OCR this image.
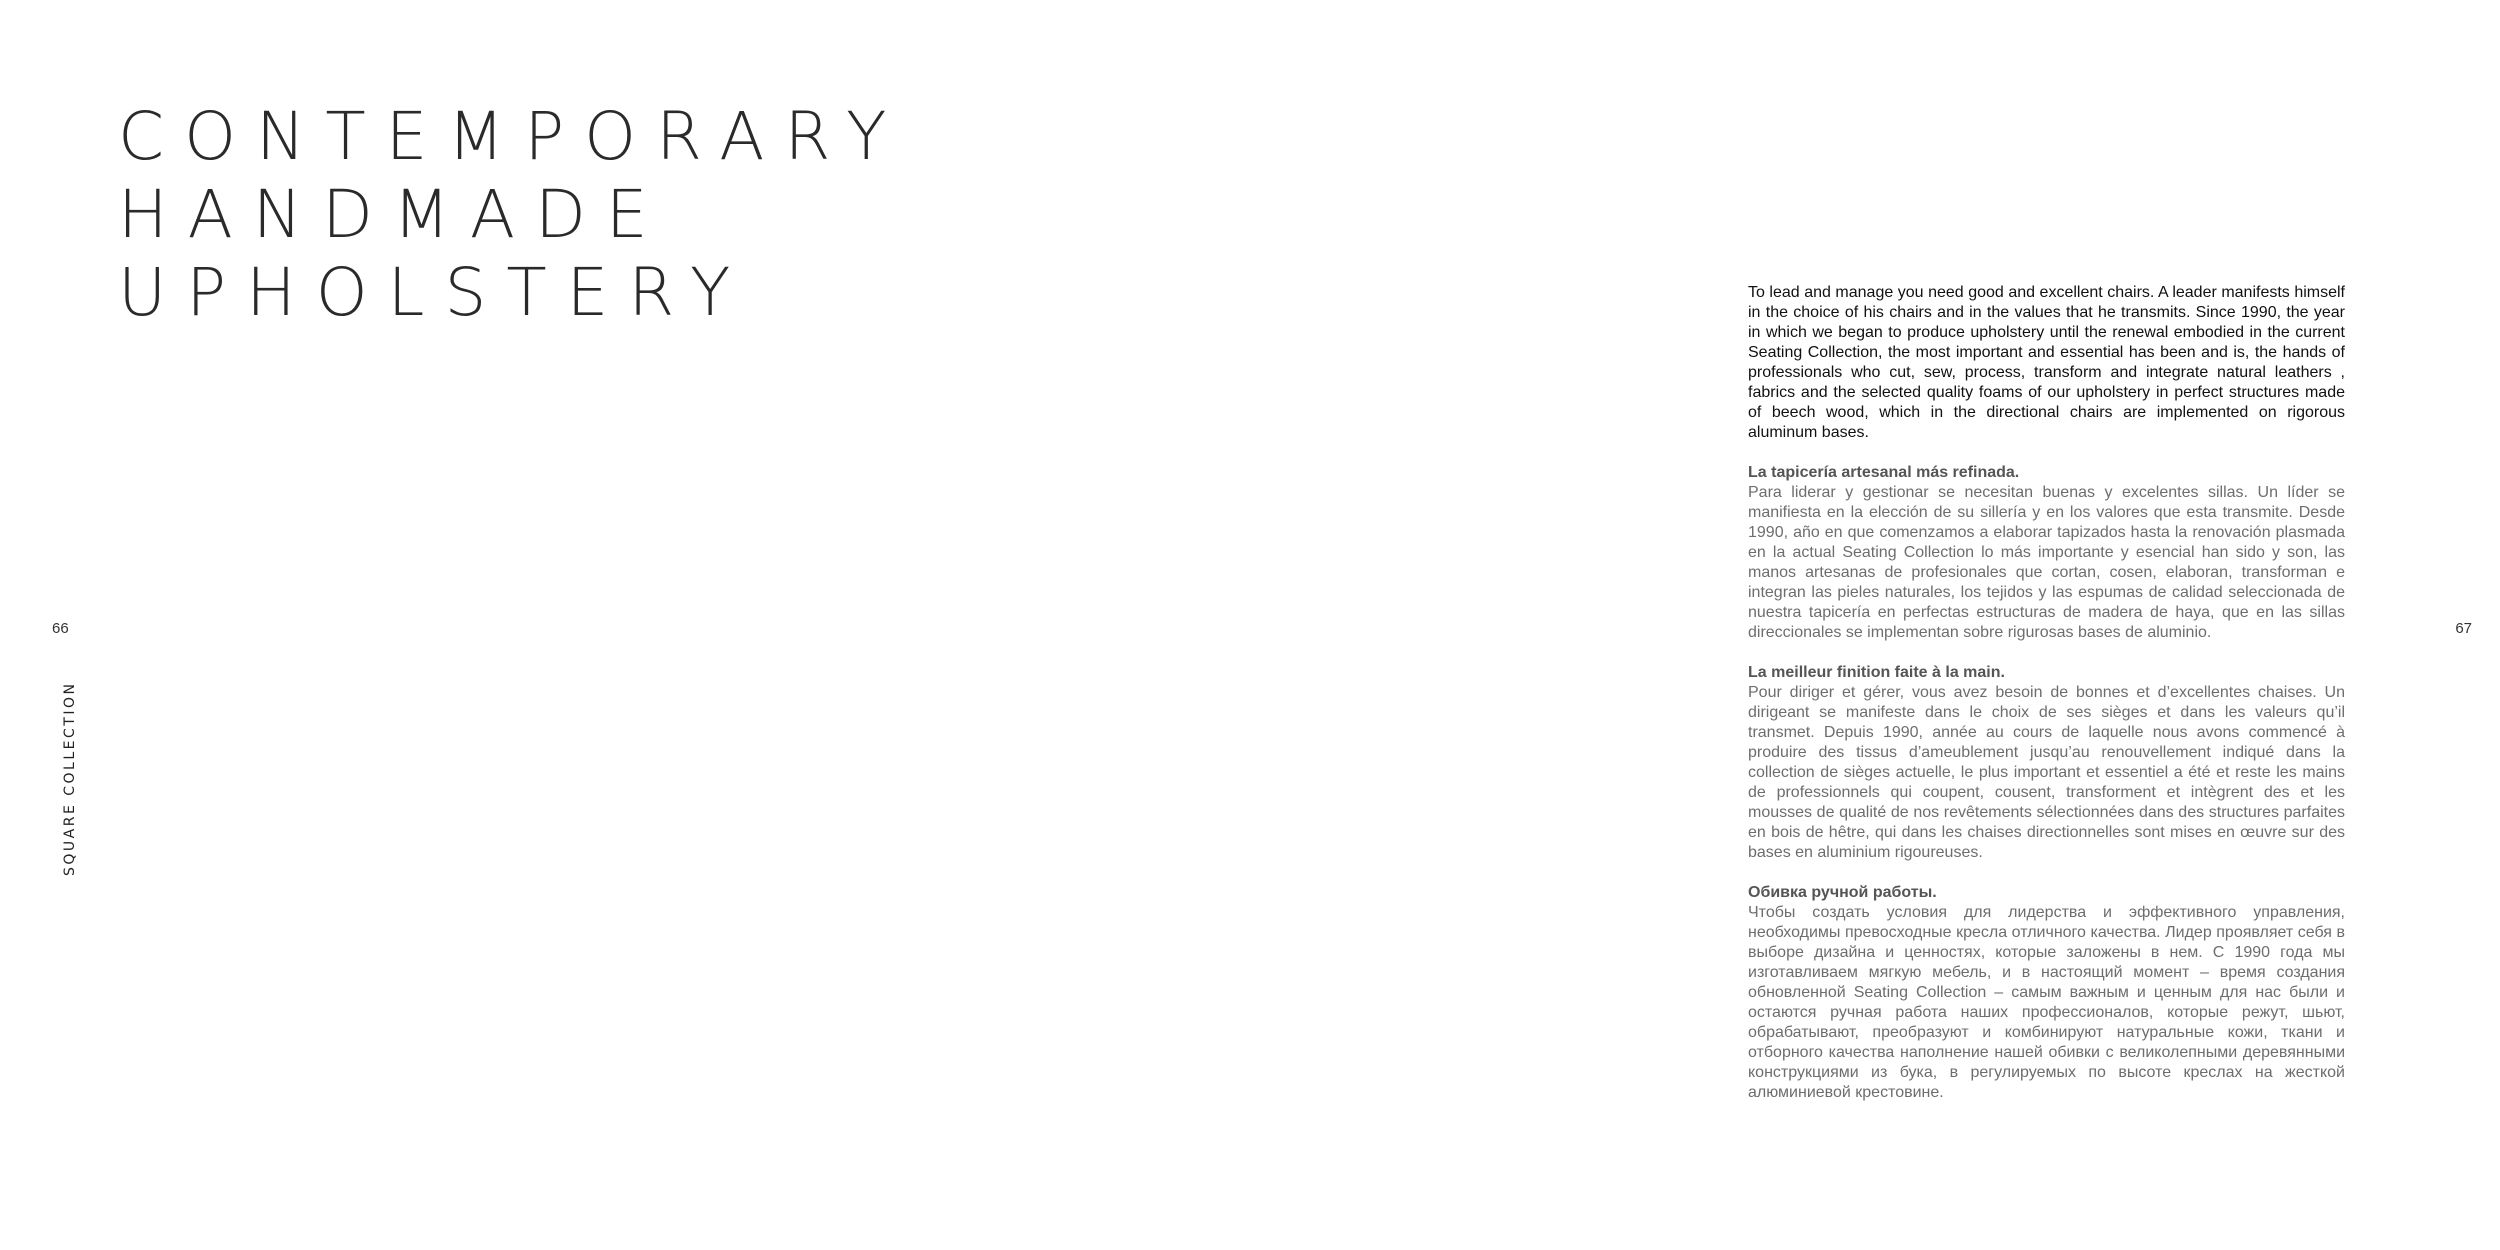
CONTEMPORARY
HANDMADE
UPHOLSTERY
66	67
SQUARE COLLECTION

To lead and manage you need good and excellent chairs. A leader manifests himself in the choice of his chairs and in the values that he transmits. Since 1990, the year in which we began to produce upholstery until the renewal embodied in the current Seating Collection, the most important and essential has been and is, the hands of professionals who cut, sew, process, transform and integrate natural leathers , fabrics and the selected quality foams of our upholstery in perfect structures made of beech wood, which in the directional chairs are implemented on rigorous aluminum bases.

La tapicería artesanal más refinada.
Para liderar y gestionar se necesitan buenas y excelentes sillas. Un líder se manifiesta en la elección de su sillería y en los valores que esta transmite. Desde 1990, año en que comenzamos a elaborar tapizados hasta la renovación plasmada en la actual Seating Collection lo más importante y esencial han sido y son, las manos artesanas de profesionales que cortan, cosen, elaboran, transforman e integran las pieles naturales, los tejidos y las espumas de calidad seleccionada de nuestra tapicería en perfectas estructuras de madera de haya, que en las sillas direccionales se implementan sobre rigurosas bases de aluminio.

La meilleur finition faite à la main.
Pour diriger et gérer, vous avez besoin de bonnes et d’excellentes chaises. Un dirigeant se manifeste dans le choix de ses sièges et dans les valeurs qu’il transmet. Depuis 1990, année au cours de laquelle nous avons commencé à produire des tissus d’ameublement jusqu’au renouvellement indiqué dans la collection de sièges actuelle, le plus important et essentiel a été et reste les mains de professionnels qui coupent, cousent, transforment et intègrent des et les mousses de qualité de nos revêtements sélectionnées dans des structures parfaites en bois de hêtre, qui dans les chaises directionnelles sont mises en œuvre sur des bases en aluminium rigoureuses.

Обивка ручной работы.
Чтобы создать условия для лидерства и эффективного управления, необходимы превосходные кресла отличного качества. Лидер проявляет себя в выборе дизайна и ценностях, которые заложены в нем. С 1990 года мы изготавливаем мягкую мебель, и в настоящий момент – время создания обновленной Seating Collection – самым важным и ценным для нас были и остаются ручная работа наших профессионалов, которые режут, шьют, обрабатывают, преобразуют и комбинируют натуральные кожи, ткани и отборного качества наполнение нашей обивки с великолепными деревянными конструкциями из бука, в регулируемых по высоте креслах на жесткой алюминиевой крестовине.
